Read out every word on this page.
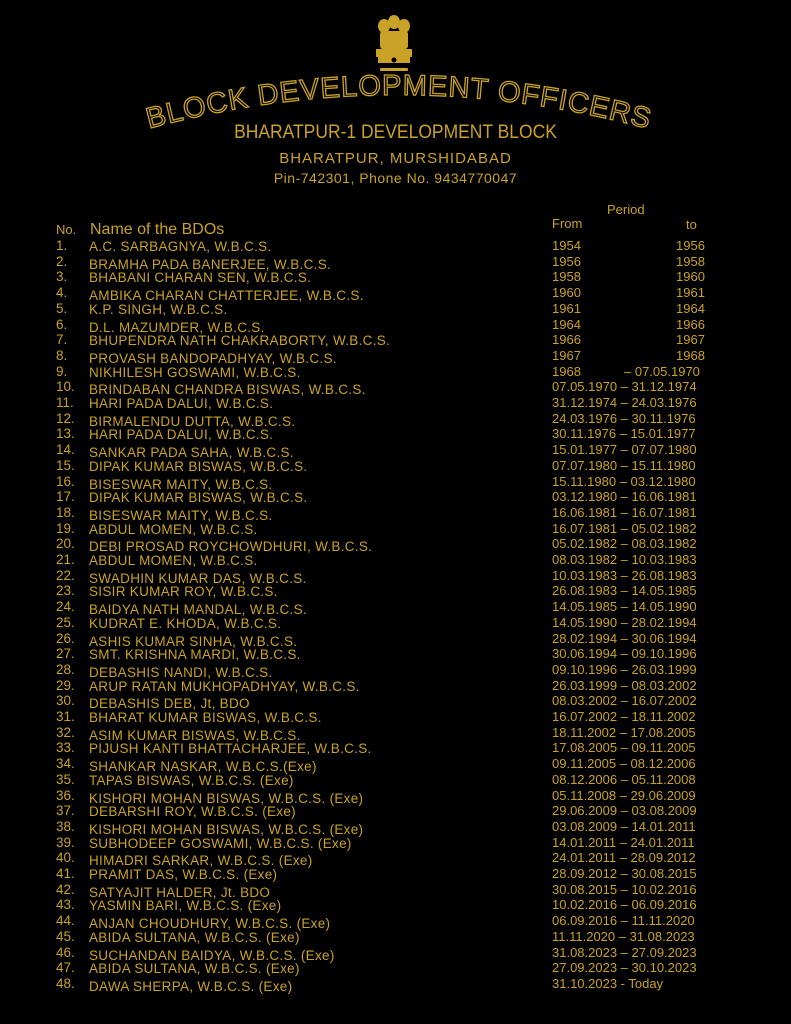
BLOCK DEVELOPMENT OFFICERS
BHARATPUR-1 DEVELOPMENT BLOCK
BHARATPUR, MURSHIDABAD
Pin-742301, Phone No. 9434770047
Period
From	to
No. Name of the BDOs
1. A.C. SARBAGNYA, W.B.C.S.	1954	1956
2. BRAMHA PADA BANERJEE, W.B.C.S.	1956	1958
3. BHABANI CHARAN SEN, W.B.C.S.	1958	1960
4. AMBIKA CHARAN CHATTERJEE, W.B.C.S.	1960	1961
5. K.P. SINGH, W.B.C.S.	1961	1964
6. D.L. MAZUMDER, W.B.C.S.	1964	1966
7. BHUPENDRA NATH CHAKRABORTY, W.B.C.S.	1966	1967
8. PROVASH BANDOPADHYAY, W.B.C.S.	1967	1968
9. NIKHILESH GOSWAMI, W.B.C.S.	1968	– 07.05.1970
10. BRINDABAN CHANDRA BISWAS, W.B.C.S.	07.05.1970 – 31.12.1974
11. HARI PADA DALUI, W.B.C.S.	31.12.1974 – 24.03.1976
12. BIRMALENDU DUTTA, W.B.C.S.	24.03.1976 – 30.11.1976
13. HARI PADA DALUI, W.B.C.S.	30.11.1976 – 15.01.1977
14. SANKAR PADA SAHA, W.B.C.S.	15.01.1977 – 07.07.1980
15. DIPAK KUMAR BISWAS, W.B.C.S.	07.07.1980 – 15.11.1980
16. BISESWAR MAITY, W.B.C.S.	15.11.1980 – 03.12.1980
17. DIPAK KUMAR BISWAS, W.B.C.S.	03.12.1980 – 16.06.1981
18. BISESWAR MAITY, W.B.C.S.	16.06.1981 – 16.07.1981
19. ABDUL MOMEN, W.B.C.S.	16.07.1981 – 05.02.1982
20. DEBI PROSAD ROYCHOWDHURI, W.B.C.S.	05.02.1982 – 08.03.1982
21. ABDUL MOMEN, W.B.C.S.	08.03.1982 – 10.03.1983
22. SWADHIN KUMAR DAS, W.B.C.S.	10.03.1983 – 26.08.1983
23. SISIR KUMAR ROY, W.B.C.S.	26.08.1983 – 14.05.1985
24. BAIDYA NATH MANDAL, W.B.C.S.	14.05.1985 – 14.05.1990
25. KUDRAT E. KHODA, W.B.C.S.	14.05.1990 – 28.02.1994
26. ASHIS KUMAR SINHA, W.B.C.S.	28.02.1994 – 30.06.1994
27. SMT. KRISHNA MARDI, W.B.C.S.	30.06.1994 – 09.10.1996
28. DEBASHIS NANDI, W.B.C.S.	09.10.1996 – 26.03.1999
29. ARUP RATAN MUKHOPADHYAY, W.B.C.S.	26.03.1999 – 08.03.2002
30. DEBASHIS DEB, Jt, BDO	08.03.2002 – 16.07.2002
31. BHARAT KUMAR BISWAS, W.B.C.S.	16.07.2002 – 18.11.2002
32. ASIM KUMAR BISWAS, W.B.C.S.	18.11.2002 – 17.08.2005
33. PIJUSH KANTI BHATTACHARJEE, W.B.C.S.	17.08.2005 – 09.11.2005
34. SHANKAR NASKAR, W.B.C.S.(Exe)	09.11.2005 – 08.12.2006
35. TAPAS BISWAS, W.B.C.S. (Exe)	08.12.2006 – 05.11.2008
36. KISHORI MOHAN BISWAS, W.B.C.S. (Exe)	05.11.2008 – 29.06.2009
37. DEBARSHI ROY, W.B.C.S. (Exe)	29.06.2009 – 03.08.2009
38. KISHORI MOHAN BISWAS, W.B.C.S. (Exe)	03.08.2009 – 14.01.2011
39. SUBHODEEP GOSWAMI, W.B.C.S. (Exe)	14.01.2011 – 24.01.2011
40. HIMADRI SARKAR, W.B.C.S. (Exe)	24.01.2011 – 28.09.2012
41. PRAMIT DAS, W.B.C.S. (Exe)	28.09.2012 – 30.08.2015
42. SATYAJIT HALDER, Jt. BDO	30.08.2015 – 10.02.2016
43. YASMIN BARI, W.B.C.S. (Exe)	10.02.2016 – 06.09.2016
44. ANJAN CHOUDHURY, W.B.C.S. (Exe)	06.09.2016 – 11.11.2020
45. ABIDA SULTANA, W.B.C.S. (Exe)	11.11.2020 – 31.08.2023
46. SUCHANDAN BAIDYA, W.B.C.S. (Exe)	31.08.2023 – 27.09.2023
47. ABIDA SULTANA, W.B.C.S. (Exe)	27.09.2023 – 30.10.2023
48. DAWA SHERPA, W.B.C.S. (Exe)	31.10.2023 - Today
